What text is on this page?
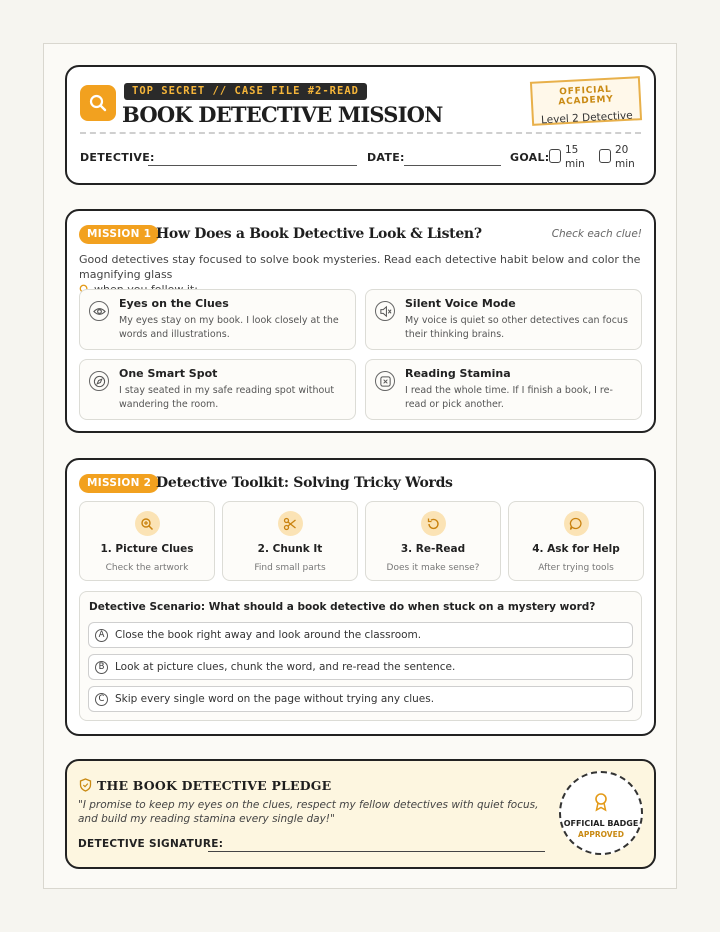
TOP SECRET // CASE FILE #2-READ
BOOK DETECTIVE MISSION
OFFICIAL ACADEMY
Level 2 Detective
DETECTIVE:	DATE:	GOAL:
15
min
20
min
MISSION 1 How Does a Book Detective Look & Listen?	Check each clue!
Good detectives stay focused to solve book mysteries. Read each detective habit below and color the magnifying glass
Eyes on the Clues
My eyes stay on my book. I look closely at the words and illustrations.
Silent Voice Mode
My voice is quiet so other detectives can focus their thinking brains.
One Smart Spot
I stay seated in my safe reading spot without wandering the room.
Reading Stamina
I read the whole time. If I finish a book, I re-read or pick another.
MISSION 2 Detective Toolkit: Solving Tricky Words
1. Picture Clues
Check the artwork
2. Chunk It
Find small parts
3. Re-Read
Does it make sense?
4. Ask for Help
After trying tools
Detective Scenario: What should a book detective do when stuck on a mystery word?
A	Close the book right away and look around the classroom.
B	Look at picture clues, chunk the word, and re-read the sentence.
C	Skip every single word on the page without trying any clues.
THE BOOK DETECTIVE PLEDGE
"I promise to keep my eyes on the clues, respect my fellow detectives with quiet focus, and build my reading stamina every single day!"
DETECTIVE SIGNATURE:
OFFICIAL BADGE
APPROVED
